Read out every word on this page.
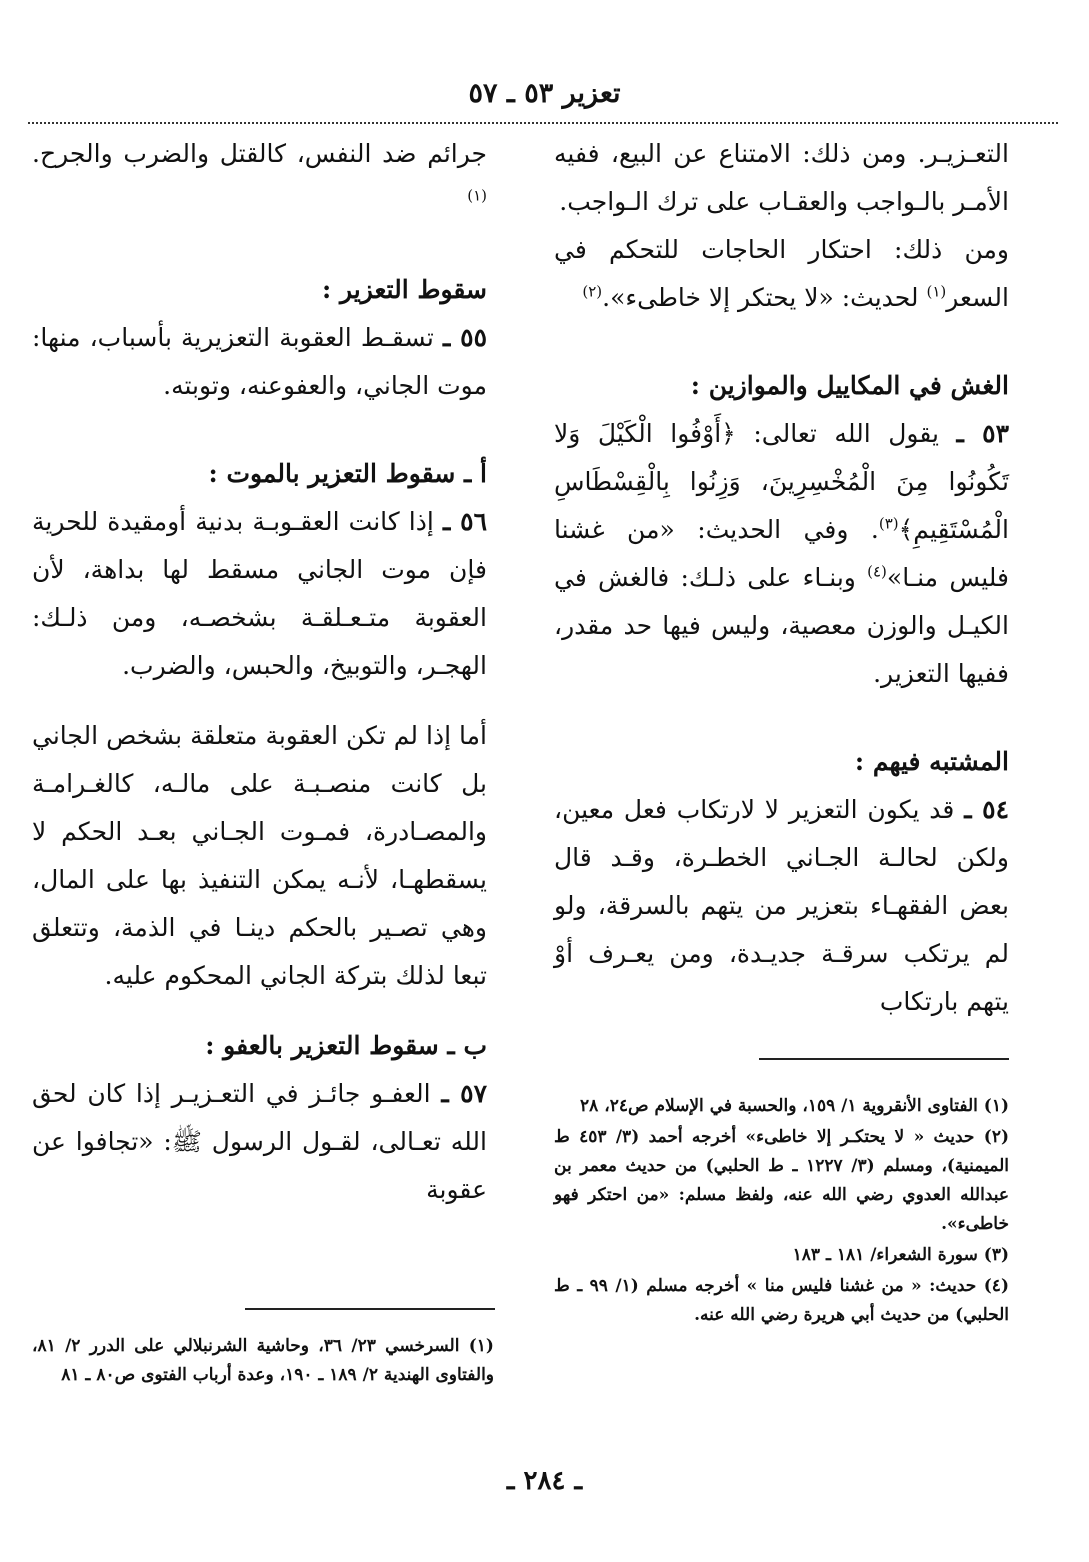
تعزير ٥٣ ـ ٥٧

التعـزيـر. ومن ذلك: الامتناع عن البيع، ففيه الأمـر بالـواجب والعقـاب على ترك الـواجب.

ومن ذلك: احتكار الحاجات للتحكم في السعر$^{(١)}$ لحديث: «لا يحتكر إلا خاطىء».$^{(٢)}$

الغش في المكاييل والموازين :

٥٣ ـ يقول الله تعالى: ﴿أَوْفُوا الْكَيْلَ وَلا تَكُونُوا مِنَ الْمُخْسِرِينَ، وَزِنُوا بِالْقِسْطَاسِ الْمُسْتَقِيمِ﴾$^{(٣)}$. وفي الحديث: «من غشنا فليس منـا»$^{(٤)}$ وبنـاء على ذلـك: فالغش في الكيـل والوزن معصية، وليس فيها حد مقدر، ففيها التعزير.

المشتبه فيهم :

٥٤ ـ قد يكون التعزير لا لارتكاب فعل معين، ولكن لحالـة الجـاني الخطـرة، وقـد قال بعض الفقهـاء بتعزير من يتهم بالسرقة، ولو لم يرتكب سرقـة جديـدة، ومن يعـرف أوْ يتهم بارتكاب

جرائم ضد النفس، كالقتل والضرب والجرح.$^{(١)}$

سقوط التعزير :

٥٥ ـ تسقـط العقوبة التعزيرية بأسباب، منها: موت الجاني، والعفوعنه، وتوبته.

أ ـ سقوط التعزير بالموت :

٥٦ ـ إذا كانت العقـوبـة بدنية أومقيدة للحرية فإن موت الجاني مسقط لها بداهة، لأن العقوبة متـعـلقـة بشخصـه، ومن ذلـك: الهجـر، والتوبيخ، والحبس، والضرب.

أما إذا لم تكن العقوبة متعلقة بشخص الجاني بل كانت منصـبـة على مالـه، كالغـرامـة والمصـادرة، فمـوت الجـاني بعـد الحكم لا يسقطهـا، لأنـه يمكن التنفيذ بها على المال، وهي تصـير بالحكم دينـا في الذمة، وتتعلق تبعا لذلك بتركة الجاني المحكوم عليه.

ب ـ سقوط التعزير بالعفو :

٥٧ ـ العفـو جائـز في التعـزيـر إذا كان لحق الله تعـالى، لقـول الرسول ﷺ: «تجافوا عن عقوبة

(١) الفتاوى الأنقروية ١/ ١٥٩، والحسبة في الإسلام ص٢٤، ٢٨

(٢) حديث « لا يحتكـر إلا خاطىء» أخرجه أحمد (٣/ ٤٥٣ ط الميمنية)، ومسلم (٣/ ١٢٢٧ ـ ط الحلبي) من حديث معمر بن عبدالله العدوي رضي الله عنه، ولفظ مسلم: «من احتكر فهو خاطىء».

(٣) سورة الشعراء/ ١٨١ ـ ١٨٣

(٤) حديث: « من غشنا فليس منا » أخرجه مسلم (١/ ٩٩ ـ ط الحلبي) من حديث أبي هريرة رضي الله عنه.

(١) السرخسي ٢٣/ ٣٦، وحاشية الشرنبلالي على الدرر ٢/ ٨١، والفتاوى الهندية ٢/ ١٨٩ ـ ١٩٠، وعدة أرباب الفتوى ص٨٠ ـ ٨١

ـ ٢٨٤ ـ
